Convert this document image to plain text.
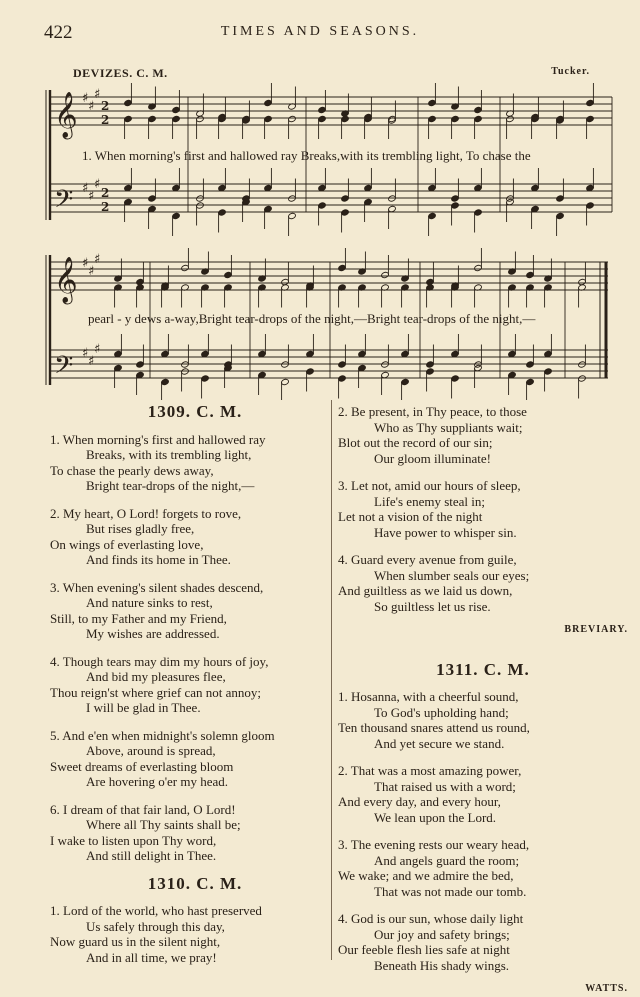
422	TIMES AND SEASONS.
DEVIZES. C. M.	Tucker.
𝄞
𝄢
𝄞
𝄢
♯
♯
♯
♯
♯
♯
♯
♯
♯
♯
♯
♯
2
2
2
2
1. When morning's first and hallowed ray Breaks,with its trembling light, To chase the
pearl - y dews a-way,Bright tear-drops of the night,—Bright tear-drops of the night,—
1309. C. M.
1. When morning's first and hallowed ray
Breaks, with its trembling light,
To chase the pearly dews away,
Bright tear-drops of the night,—
2. My heart, O Lord! forgets to rove,
But rises gladly free,
On wings of everlasting love,
And finds its home in Thee.
3. When evening's silent shades descend,
And nature sinks to rest,
Still, to my Father and my Friend,
My wishes are addressed.
4. Though tears may dim my hours of joy,
And bid my pleasures flee,
Thou reign'st where grief can not annoy;
I will be glad in Thee.
5. And e'en when midnight's solemn gloom
Above, around is spread,
Sweet dreams of everlasting bloom
Are hovering o'er my head.
6. I dream of that fair land, O Lord!
Where all Thy saints shall be;
I wake to listen upon Thy word,
And still delight in Thee.
1310. C. M.
1. Lord of the world, who hast preserved
Us safely through this day,
Now guard us in the silent night,
And in all time, we pray!
2. Be present, in Thy peace, to those
Who as Thy suppliants wait;
Blot out the record of our sin;
Our gloom illuminate!
3. Let not, amid our hours of sleep,
Life's enemy steal in;
Let not a vision of the night
Have power to whisper sin.
4. Guard every avenue from guile,
When slumber seals our eyes;
And guiltless as we laid us down,
So guiltless let us rise.
BREVIARY.
1311. C. M.
1. Hosanna, with a cheerful sound,
To God's upholding hand;
Ten thousand snares attend us round,
And yet secure we stand.
2. That was a most amazing power,
That raised us with a word;
And every day, and every hour,
We lean upon the Lord.
3. The evening rests our weary head,
And angels guard the room;
We wake; and we admire the bed,
That was not made our tomb.
4. God is our sun, whose daily light
Our joy and safety brings;
Our feeble flesh lies safe at night
Beneath His shady wings.
WATTS.
